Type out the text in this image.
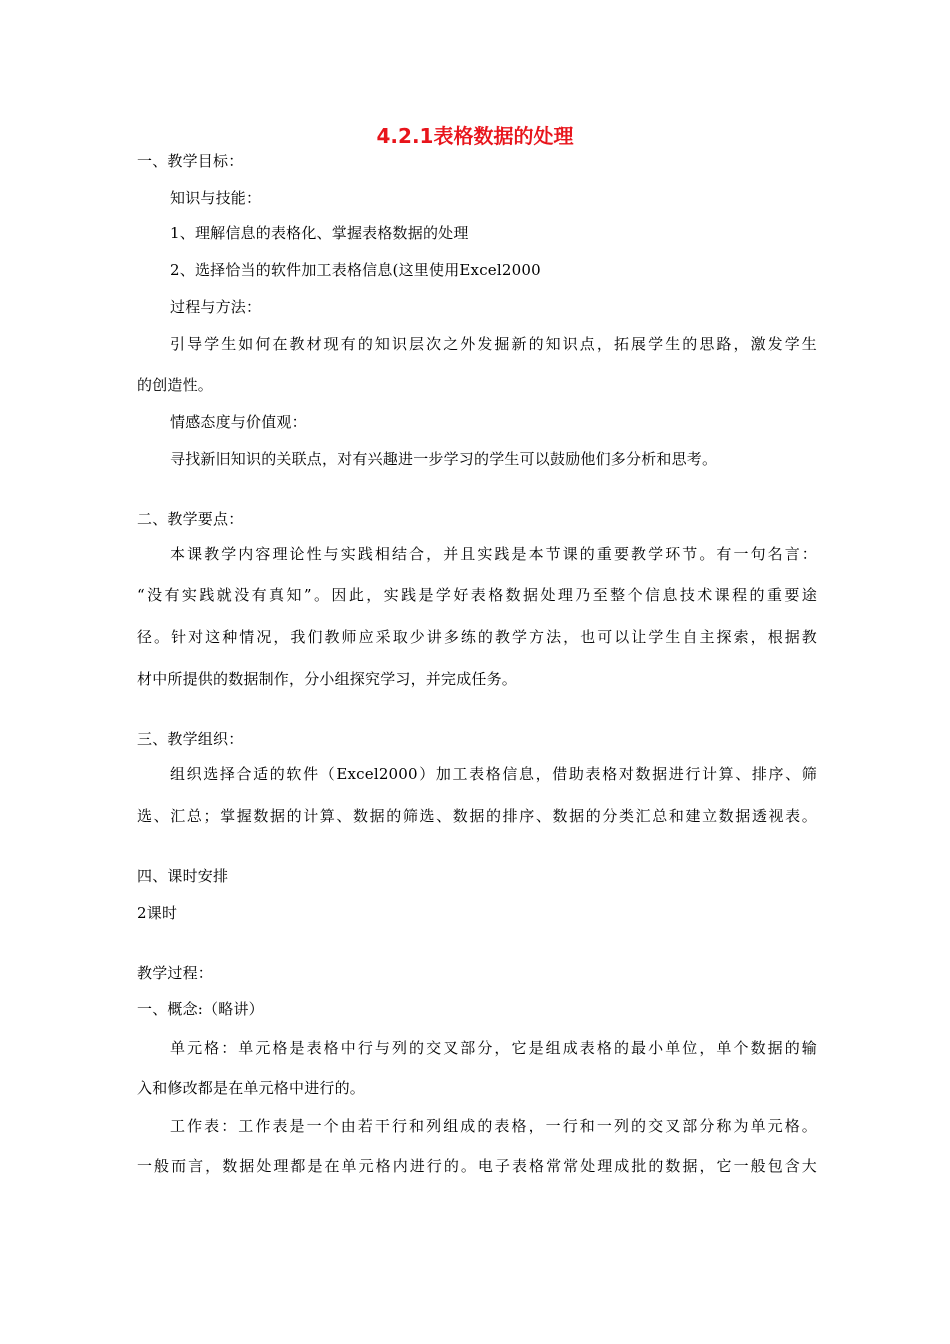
4.2.1表格数据的处理
一、教学目标：
知识与技能：
1、理解信息的表格化、掌握表格数据的处理
2、选择恰当的软件加工表格信息(这里使用Excel2000
过程与方法：
引导学生如何在教材现有的知识层次之外发掘新的知识点，拓展学生的思路，激发学生
的创造性。
情感态度与价值观：
寻找新旧知识的关联点，对有兴趣进一步学习的学生可以鼓励他们多分析和思考。
二、教学要点：
本课教学内容理论性与实践相结合，并且实践是本节课的重要教学环节。有一句名言：
“没有实践就没有真知”。因此，实践是学好表格数据处理乃至整个信息技术课程的重要途
径。针对这种情况，我们教师应采取少讲多练的教学方法，也可以让学生自主探索，根据教
材中所提供的数据制作，分小组探究学习，并完成任务。
三、教学组织：
组织选择合适的软件（Excel2000）加工表格信息，借助表格对数据进行计算、排序、筛
选、汇总；掌握数据的计算、数据的筛选、数据的排序、数据的分类汇总和建立数据透视表。
四、课时安排
2课时
教学过程：
一、概念:（略讲）
单元格：单元格是表格中行与列的交叉部分，它是组成表格的最小单位，单个数据的输
入和修改都是在单元格中进行的。
工作表：工作表是一个由若干行和列组成的表格，一行和一列的交叉部分称为单元格。
一般而言，数据处理都是在单元格内进行的。电子表格常常处理成批的数据，它一般包含大
